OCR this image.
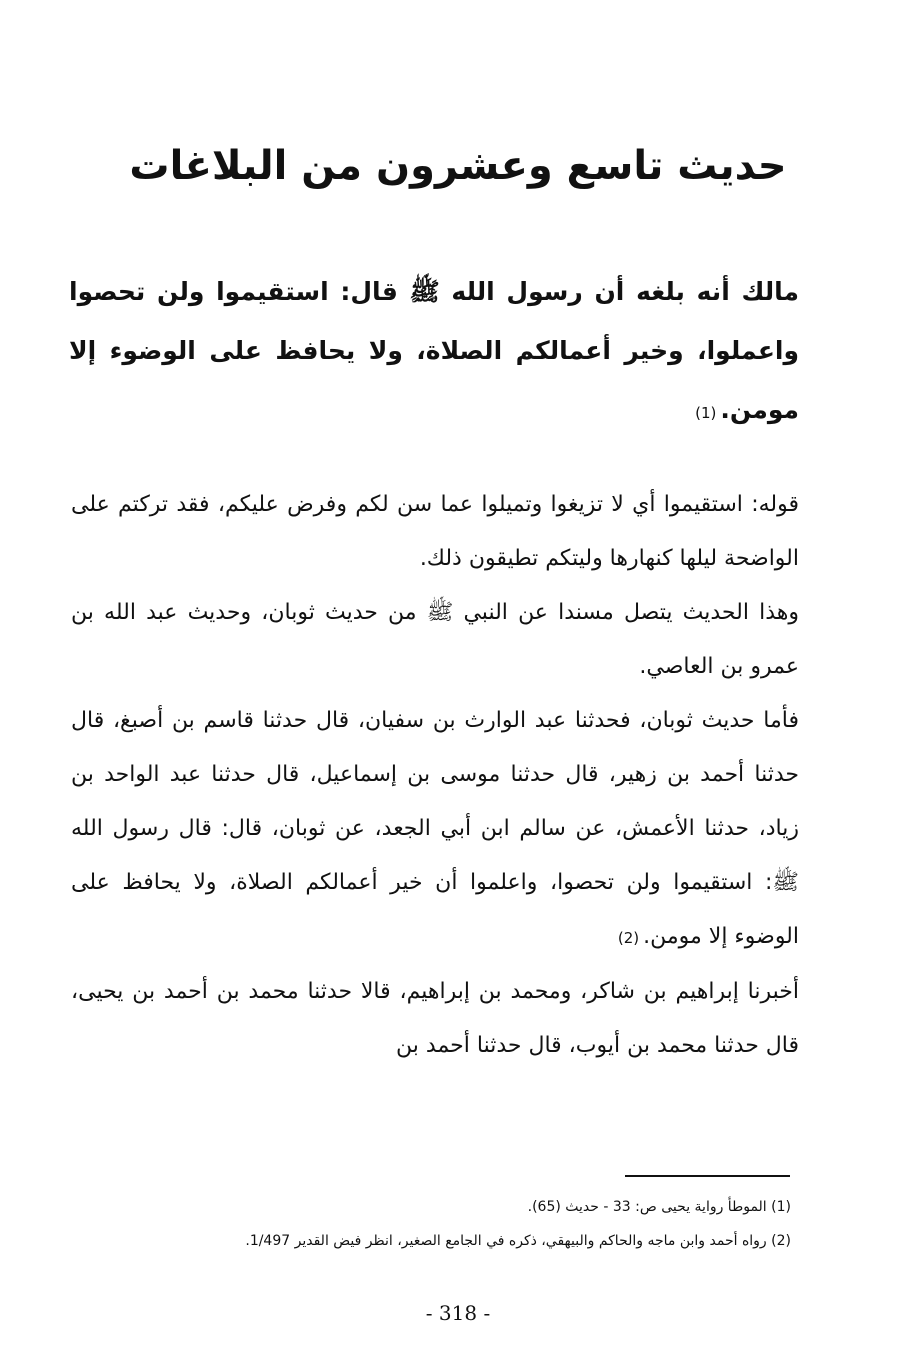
حديث تاسع وعشرون من البلاغات

مالك أنه بلغه أن رسول الله ﷺ قال: استقيموا ولن تحصوا واعملوا، وخير أعمالكم الصلاة، ولا يحافظ على الوضوء إلا مومن.(1)

قوله: استقيموا أي لا تزيغوا وتميلوا عما سن لكم وفرض عليكم، فقد تركتم على الواضحة ليلها كنهارها وليتكم تطيقون ذلك.

وهذا الحديث يتصل مسندا عن النبي ﷺ من حديث ثوبان، وحديث عبد الله بن عمرو بن العاصي.

فأما حديث ثوبان، فحدثنا عبد الوارث بن سفيان، قال حدثنا قاسم بن أصبغ، قال حدثنا أحمد بن زهير، قال حدثنا موسى بن إسماعيل، قال حدثنا عبد الواحد بن زياد، حدثنا الأعمش، عن سالم ابن أبي الجعد، عن ثوبان، قال: قال رسول الله ﷺ: استقيموا ولن تحصوا، واعلموا أن خير أعمالكم الصلاة، ولا يحافظ على الوضوء إلا مومن.(2)

أخبرنا إبراهيم بن شاكر، ومحمد بن إبراهيم، قالا حدثنا محمد بن أحمد بن يحيى، قال حدثنا محمد بن أيوب، قال حدثنا أحمد بن

(1) الموطأ رواية يحيى ص: 33 - حديث (65).

(2) رواه أحمد وابن ماجه والحاكم والبيهقي، ذكره في الجامع الصغير، انظر فيض القدير 1/497.

- 318 -
